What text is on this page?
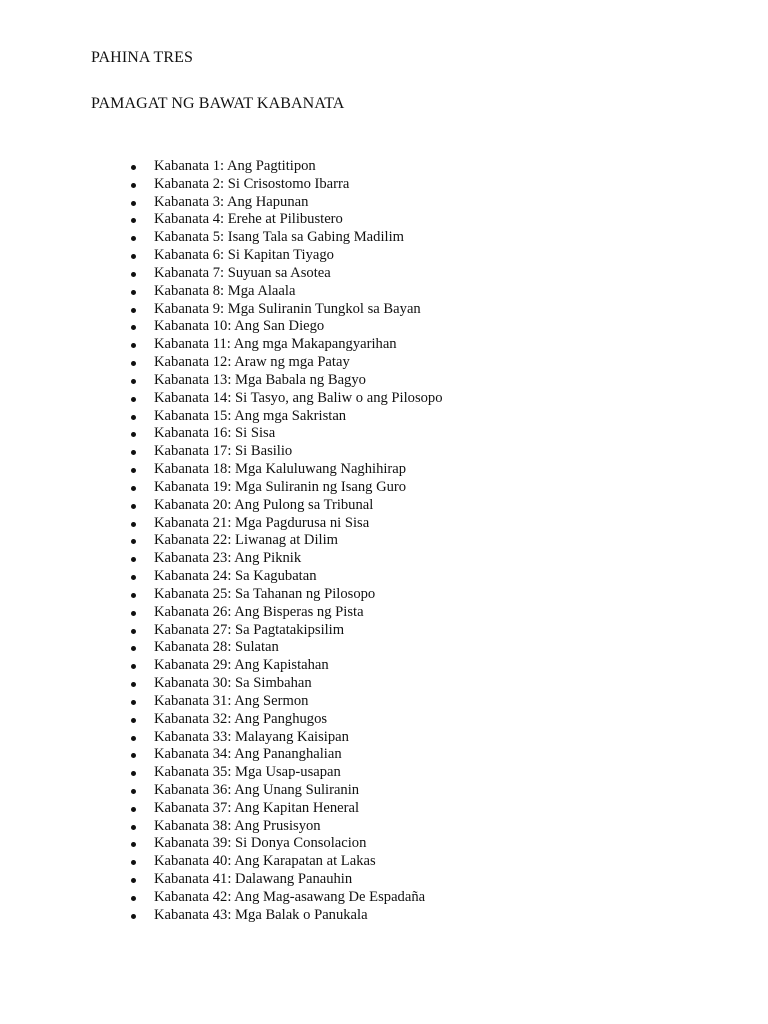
PAHINA TRES
PAMAGAT NG BAWAT KABANATA
Kabanata 1: Ang Pagtitipon
Kabanata 2: Si Crisostomo Ibarra
Kabanata 3: Ang Hapunan
Kabanata 4: Erehe at Pilibustero
Kabanata 5: Isang Tala sa Gabing Madilim
Kabanata 6: Si Kapitan Tiyago
Kabanata 7: Suyuan sa Asotea
Kabanata 8: Mga Alaala
Kabanata 9: Mga Suliranin Tungkol sa Bayan
Kabanata 10: Ang San Diego
Kabanata 11: Ang mga Makapangyarihan
Kabanata 12: Araw ng mga Patay
Kabanata 13: Mga Babala ng Bagyo
Kabanata 14: Si Tasyo, ang Baliw o ang Pilosopo
Kabanata 15: Ang mga Sakristan
Kabanata 16: Si Sisa
Kabanata 17: Si Basilio
Kabanata 18: Mga Kaluluwang Naghihirap
Kabanata 19: Mga Suliranin ng Isang Guro
Kabanata 20: Ang Pulong sa Tribunal
Kabanata 21: Mga Pagdurusa ni Sisa
Kabanata 22: Liwanag at Dilim
Kabanata 23: Ang Piknik
Kabanata 24: Sa Kagubatan
Kabanata 25: Sa Tahanan ng Pilosopo
Kabanata 26: Ang Bisperas ng Pista
Kabanata 27: Sa Pagtatakipsilim
Kabanata 28: Sulatan
Kabanata 29: Ang Kapistahan
Kabanata 30: Sa Simbahan
Kabanata 31: Ang Sermon
Kabanata 32: Ang Panghugos
Kabanata 33: Malayang Kaisipan
Kabanata 34: Ang Pananghalian
Kabanata 35: Mga Usap-usapan
Kabanata 36: Ang Unang Suliranin
Kabanata 37: Ang Kapitan Heneral
Kabanata 38: Ang Prusisyon
Kabanata 39: Si Donya Consolacion
Kabanata 40: Ang Karapatan at Lakas
Kabanata 41: Dalawang Panauhin
Kabanata 42: Ang Mag-asawang De Espadaña
Kabanata 43: Mga Balak o Panukala
